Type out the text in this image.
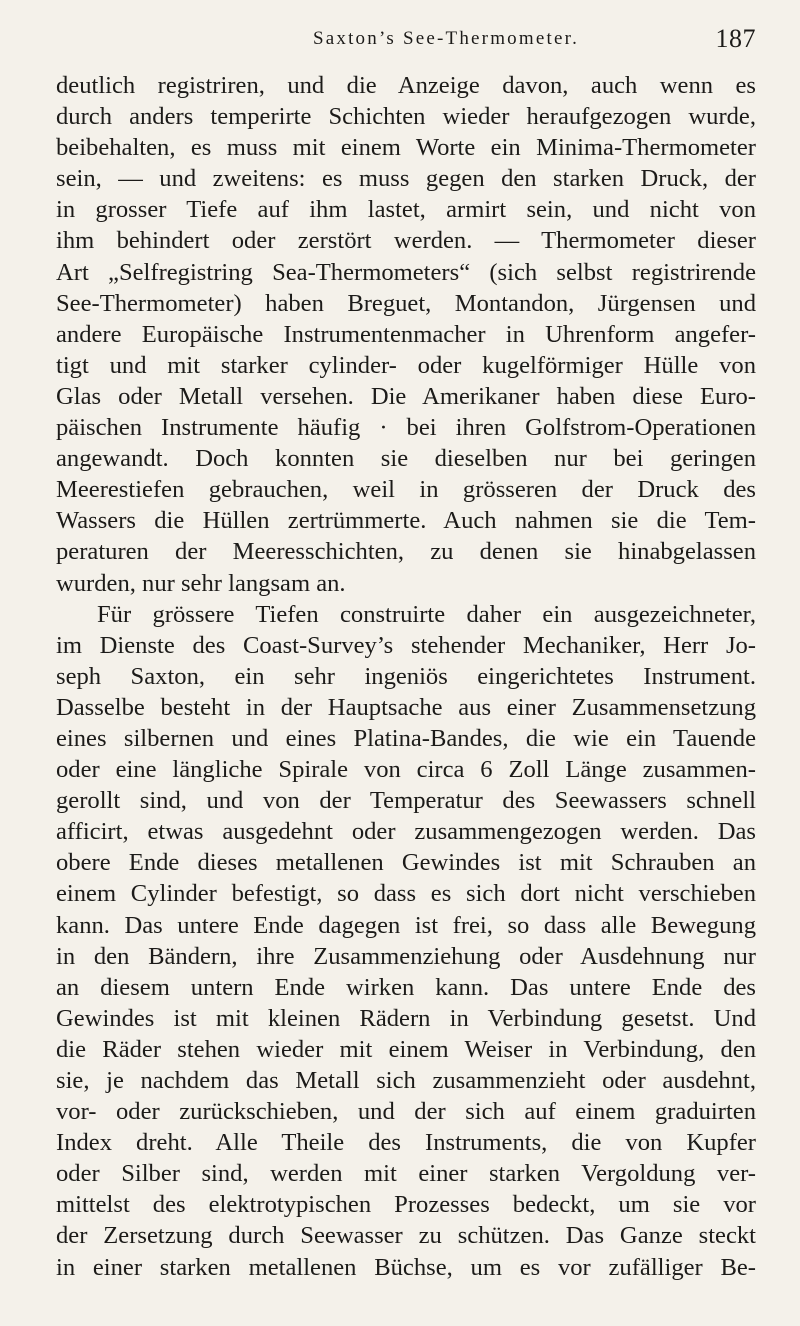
Saxton’s See-Thermometer.	187
deutlich registriren, und die Anzeige davon, auch wenn es
durch anders temperirte Schichten wieder heraufgezogen wurde,
beibehalten, es muss mit einem Worte ein Minima-Thermometer
sein, — und zweitens: es muss gegen den starken Druck, der
in grosser Tiefe auf ihm lastet, armirt sein, und nicht von
ihm behindert oder zerstört werden. — Thermometer dieser
Art „Selfregistring Sea-Thermometers“ (sich selbst registrirende
See-Thermometer) haben Breguet, Montandon, Jürgensen und
andere Europäische Instrumentenmacher in Uhrenform angefer-
tigt und mit starker cylinder- oder kugelförmiger Hülle von
Glas oder Metall versehen. Die Amerikaner haben diese Euro-
päischen Instrumente häufig · bei ihren Golfstrom-Operationen
angewandt. Doch konnten sie dieselben nur bei geringen
Meerestiefen gebrauchen, weil in grösseren der Druck des
Wassers die Hüllen zertrümmerte. Auch nahmen sie die Tem-
peraturen der Meeresschichten, zu denen sie hinabgelassen
wurden, nur sehr langsam an.
Für grössere Tiefen construirte daher ein ausgezeichneter,
im Dienste des Coast-Survey’s stehender Mechaniker, Herr Jo-
seph Saxton, ein sehr ingeniös eingerichtetes Instrument.
Dasselbe besteht in der Hauptsache aus einer Zusammensetzung
eines silbernen und eines Platina-Bandes, die wie ein Tauende
oder eine längliche Spirale von circa 6 Zoll Länge zusammen-
gerollt sind, und von der Temperatur des Seewassers schnell
afficirt, etwas ausgedehnt oder zusammengezogen werden. Das
obere Ende dieses metallenen Gewindes ist mit Schrauben an
einem Cylinder befestigt, so dass es sich dort nicht verschieben
kann. Das untere Ende dagegen ist frei, so dass alle Bewegung
in den Bändern, ihre Zusammenziehung oder Ausdehnung nur
an diesem untern Ende wirken kann. Das untere Ende des
Gewindes ist mit kleinen Rädern in Verbindung gesetst. Und
die Räder stehen wieder mit einem Weiser in Verbindung, den
sie, je nachdem das Metall sich zusammenzieht oder ausdehnt,
vor- oder zurückschieben, und der sich auf einem graduirten
Index dreht. Alle Theile des Instruments, die von Kupfer
oder Silber sind, werden mit einer starken Vergoldung ver-
mittelst des elektrotypischen Prozesses bedeckt, um sie vor
der Zersetzung durch Seewasser zu schützen. Das Ganze steckt
in einer starken metallenen Büchse, um es vor zufälliger Be-
